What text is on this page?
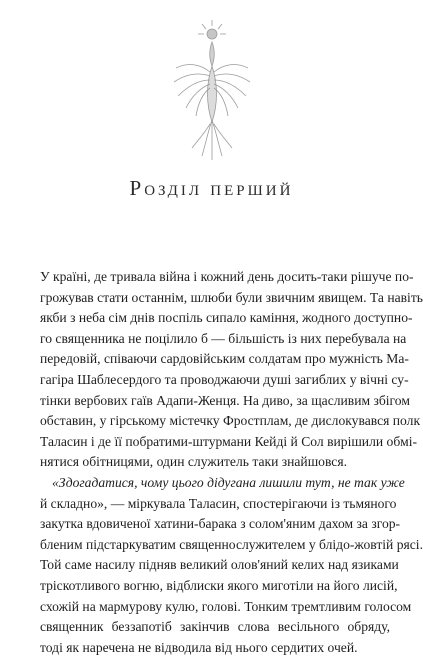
Розділ перший

У країні, де тривала війна і кожний день досить-таки рішуче по-
грожував стати останнім, шлюби були звичним явищем. Та навіть
якби з неба сім днів поспіль сипало каміння, жодного доступно-
го священника не поцілило б — більшість із них перебувала на
передовій, співаючи сардовійським солдатам про мужність Ма-
гагіра Шаблесердого та проводжаючи душі загиблих у вічні су-
тінки вербових гаїв Адапи-Женця. На диво, за щасливим збігом
обставин, у гірському містечку Фростплам, де дислокувався полк
Таласин і де її побратими-штурмани Кейді й Сол вирішили обмі-
нятися обітницями, один служитель таки знайшовся.

«Здогадатися, чому цього дідугана лишили тут, не так уже
й складно», — міркувала Таласин, спостерігаючи із тьмяного
закутка вдовиченої хатини-барака з солом'яним дахом за згор-
бленим підстаркуватим священнослужителем у блідо-жовтій рясі.
Той саме насилу підняв великий олов'яний келих над язиками
тріскотливого вогню, відблиски якого миготіли на його лисій,
схожій на мармурову кулю, голові. Тонким тремтливим голосом
священник беззапотіб закінчив слова весільного обряду,
тоді як наречена не відводила від нього сердитих очей.
